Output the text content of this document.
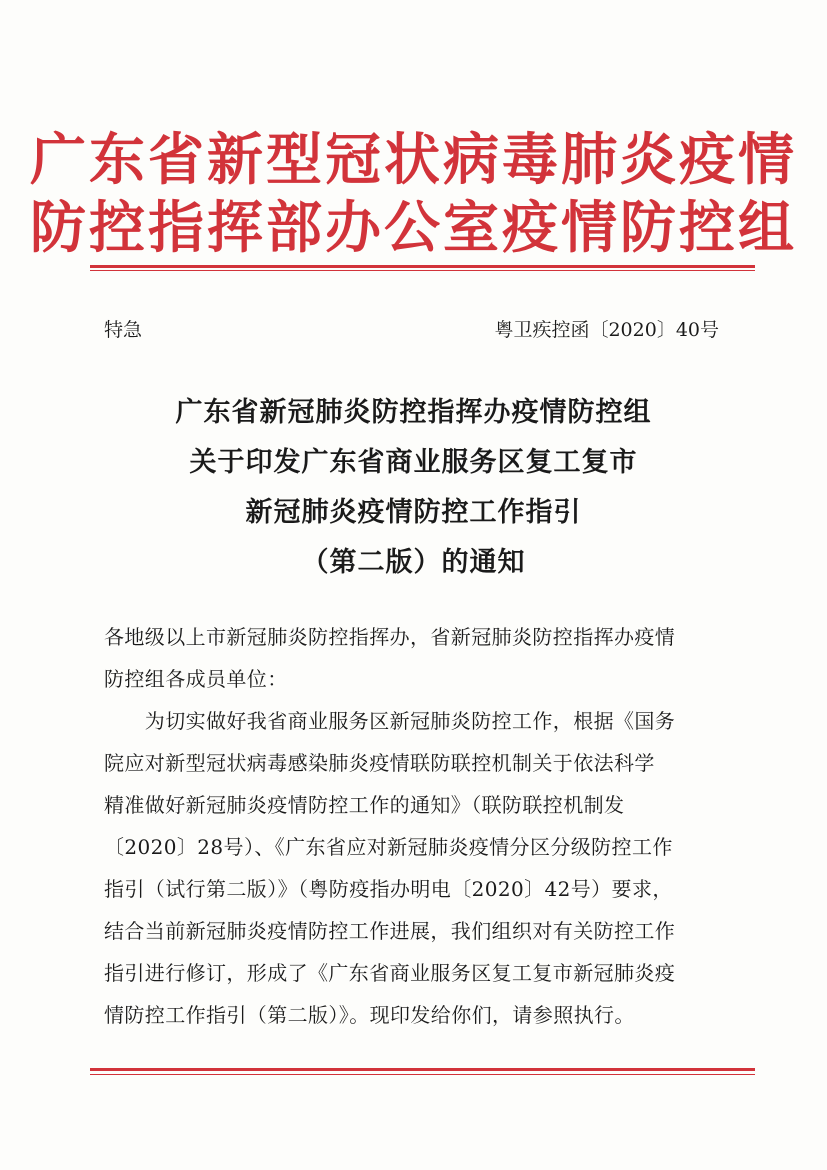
广东省新型冠状病毒肺炎疫情
防控指挥部办公室疫情防控组
特急	粤卫疾控函〔2020〕40号
广东省新冠肺炎防控指挥办疫情防控组
关于印发广东省商业服务区复工复市
新冠肺炎疫情防控工作指引
（第二版）的通知
各地级以上市新冠肺炎防控指挥办，省新冠肺炎防控指挥办疫情
防控组各成员单位：
　　为切实做好我省商业服务区新冠肺炎防控工作，根据《国务
院应对新型冠状病毒感染肺炎疫情联防联控机制关于依法科学
精准做好新冠肺炎疫情防控工作的通知》（联防联控机制发
〔2020〕28号）、《广东省应对新冠肺炎疫情分区分级防控工作
指引（试行第二版）》（粤防疫指办明电〔2020〕42号）要求，
结合当前新冠肺炎疫情防控工作进展，我们组织对有关防控工作
指引进行修订，形成了《广东省商业服务区复工复市新冠肺炎疫
情防控工作指引（第二版）》。现印发给你们，请参照执行。
